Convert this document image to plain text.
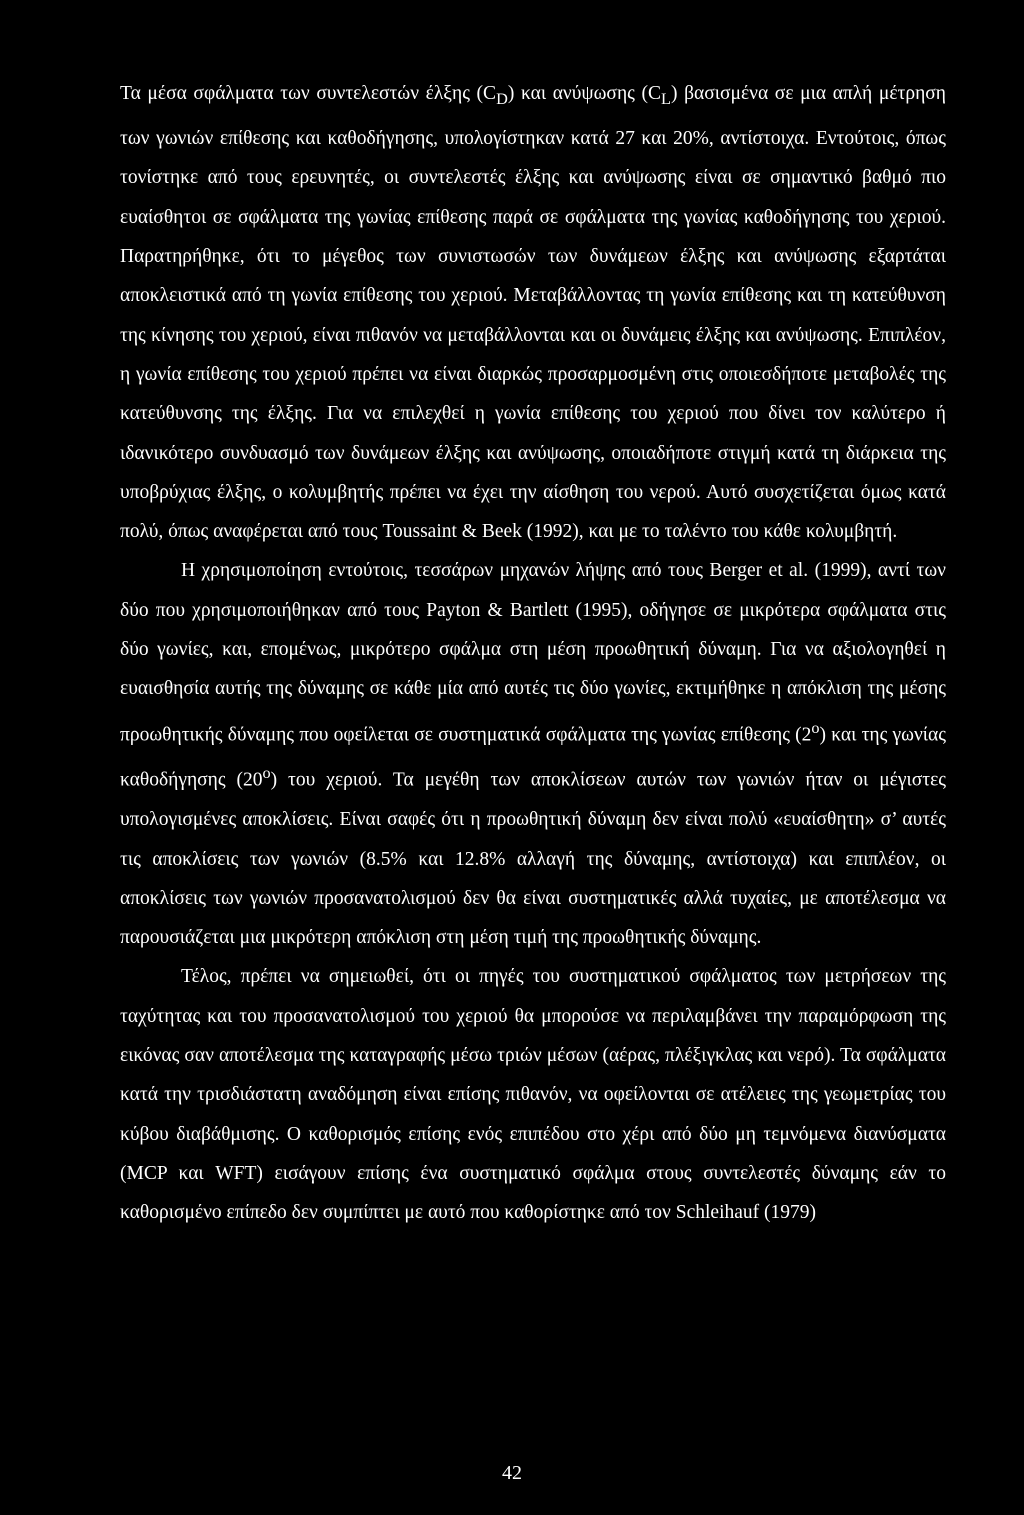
Τα μέσα σφάλματα των συντελεστών έλξης $(C_D)$ και ανύψωσης $(C_L)$ βασισμένα σε μια απλή μέτρηση των γωνιών επίθεσης και καθοδήγησης, υπολογίστηκαν κατά 27 και 20%, αντίστοιχα. Εντούτοις, όπως τονίστηκε από τους ερευνητές, οι συντελεστές έλξης και ανύψωσης είναι σε σημαντικό βαθμό πιο ευαίσθητοι σε σφάλματα της γωνίας επίθεσης παρά σε σφάλματα της γωνίας καθοδήγησης του χεριού. Παρατηρήθηκε, ότι το μέγεθος των συνιστωσών των δυνάμεων έλξης και ανύψωσης εξαρτάται αποκλειστικά από τη γωνία επίθεσης του χεριού. Μεταβάλλοντας τη γωνία επίθεσης και τη κατεύθυνση της κίνησης του χεριού, είναι πιθανόν να μεταβάλλονται και οι δυνάμεις έλξης και ανύψωσης. Επιπλέον, η γωνία επίθεσης του χεριού πρέπει να είναι διαρκώς προσαρμοσμένη στις οποιεσδήποτε μεταβολές της κατεύθυνσης της έλξης. Για να επιλεχθεί η γωνία επίθεσης του χεριού που δίνει τον καλύτερο ή ιδανικότερο συνδυασμό των δυνάμεων έλξης και ανύψωσης, οποιαδήποτε στιγμή κατά τη διάρκεια της υποβρύχιας έλξης, ο κολυμβητής πρέπει να έχει την αίσθηση του νερού. Αυτό συσχετίζεται όμως κατά πολύ, όπως αναφέρεται από τους Toussaint & Beek (1992), και με το ταλέντο του κάθε κολυμβητή.

Η χρησιμοποίηση εντούτοις, τεσσάρων μηχανών λήψης από τους Berger et al. (1999), αντί των δύο που χρησιμοποιήθηκαν από τους Payton & Bartlett (1995), οδήγησε σε μικρότερα σφάλματα στις δύο γωνίες, και, επομένως, μικρότερο σφάλμα στη μέση προωθητική δύναμη. Για να αξιολογηθεί η ευαισθησία αυτής της δύναμης σε κάθε μία από αυτές τις δύο γωνίες, εκτιμήθηκε η απόκλιση της μέσης προωθητικής δύναμης που οφείλεται σε συστηματικά σφάλματα της γωνίας επίθεσης (2$^o$) και της γωνίας καθοδήγησης (20$^o$) του χεριού. Τα μεγέθη των αποκλίσεων αυτών των γωνιών ήταν οι μέγιστες υπολογισμένες αποκλίσεις. Είναι σαφές ότι η προωθητική δύναμη δεν είναι πολύ «ευαίσθητη» σ’ αυτές τις αποκλίσεις των γωνιών (8.5% και 12.8% αλλαγή της δύναμης, αντίστοιχα) και επιπλέον, οι αποκλίσεις των γωνιών προσανατολισμού δεν θα είναι συστηματικές αλλά τυχαίες, με αποτέλεσμα να παρουσιάζεται μια μικρότερη απόκλιση στη μέση τιμή της προωθητικής δύναμης.

Τέλος, πρέπει να σημειωθεί, ότι οι πηγές του συστηματικού σφάλματος των μετρήσεων της ταχύτητας και του προσανατολισμού του χεριού θα μπορούσε να περιλαμβάνει την παραμόρφωση της εικόνας σαν αποτέλεσμα της καταγραφής μέσω τριών μέσων (αέρας, πλέξιγκλας και νερό). Τα σφάλματα κατά την τρισδιάστατη αναδόμηση είναι επίσης πιθανόν, να οφείλονται σε ατέλειες της γεωμετρίας του κύβου διαβάθμισης. Ο καθορισμός επίσης ενός επιπέδου στο χέρι από δύο μη τεμνόμενα διανύσματα (MCP και WFT) εισάγουν επίσης ένα συστηματικό σφάλμα στους συντελεστές δύναμης εάν το καθορισμένο επίπεδο δεν συμπίπτει με αυτό που καθορίστηκε από τον Schleihauf (1979)

42
